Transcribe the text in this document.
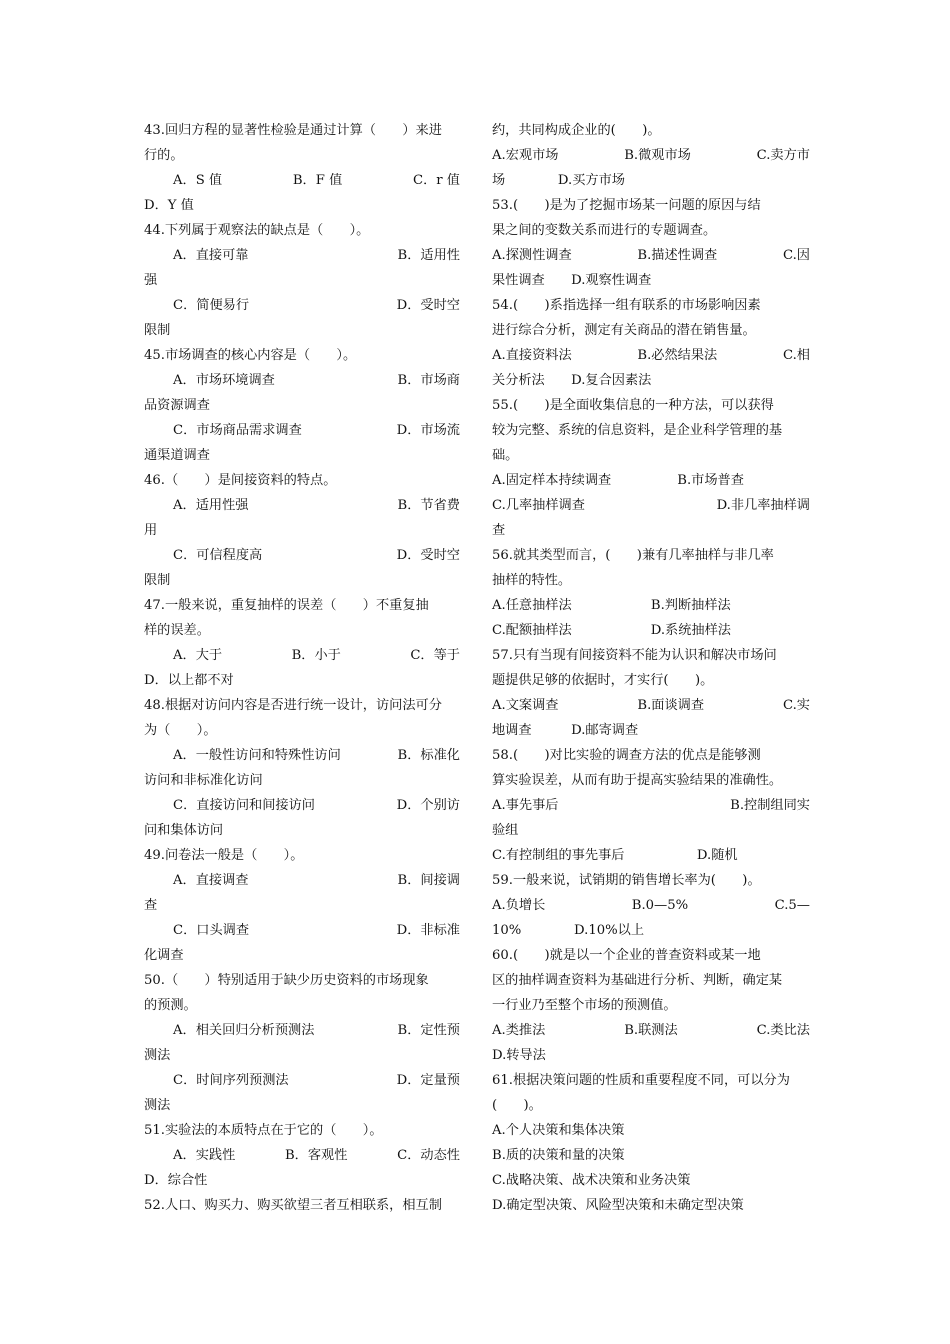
43.回归方程的显著性检验是通过计算（　　）来进
行的。
A．S 值	B．F 值	C．r 值
D．Y 值
44.下列属于观察法的缺点是（　　）。
A．直接可靠	B．适用性
强
C．简便易行	D．受时空
限制
45.市场调查的核心内容是（　　）。
A．市场环境调查	B．市场商
品资源调查
C．市场商品需求调查	D．市场流
通渠道调查
46.（　　）是间接资料的特点。
A．适用性强	B．节省费
用
C．可信程度高	D．受时空
限制
47.一般来说，重复抽样的误差（　　）不重复抽
样的误差。
A．大于	B．小于	C．等于
D．以上都不对
48.根据对访问内容是否进行统一设计，访问法可分
为（　　）。
A．一般性访问和特殊性访问	B．标准化
访问和非标准化访问
C．直接访问和间接访问	D．个别访
问和集体访问
49.问卷法一般是（　　）。
A．直接调查	B．间接调
查
C．口头调查	D．非标准
化调查
50.（　　）特别适用于缺少历史资料的市场现象
的预测。
A．相关回归分析预测法	B．定性预
测法
C．时间序列预测法	D．定量预
测法
51.实验法的本质特点在于它的（　　）。
A．实践性	B．客观性	C．动态性
D．综合性
52.人口、购买力、购买欲望三者互相联系，相互制
约，共同构成企业的(　　)。
A.宏观市场	B.微观市场	C.卖方市
场　　　　D.买方市场
53.(　　)是为了挖掘市场某一问题的原因与结
果之间的变数关系而进行的专题调查。
A.探测性调查	B.描述性调查	C.因
果性调查　　D.观察性调查
54.(　　)系指选择一组有联系的市场影响因素
进行综合分析，测定有关商品的潜在销售量。
A.直接资料法	B.必然结果法	C.相
关分析法　　D.复合因素法
55.(　　)是全面收集信息的一种方法，可以获得
较为完整、系统的信息资料，是企业科学管理的基
础。
A.固定样本持续调查	B.市场普查
C.几率抽样调查	D.非几率抽样调
查
56.就其类型而言，(　　)兼有几率抽样与非几率
抽样的特性。
A.任意抽样法	B.判断抽样法
C.配额抽样法	D.系统抽样法
57.只有当现有间接资料不能为认识和解决市场问
题提供足够的依据时，才实行(　　)。
A.文案调查	B.面谈调查	C.实
地调查　　　D.邮寄调查
58.(　　)对比实验的调查方法的优点是能够测
算实验误差，从而有助于提高实验结果的准确性。
A.事先事后	B.控制组同实
验组
C.有控制组的事先事后	D.随机
59.一般来说，试销期的销售增长率为(　　)。
A.负增长	B.0—5%	C.5—
10%　　　　D.10%以上
60.(　　)就是以一个企业的普查资料或某一地
区的抽样调查资料为基础进行分析、判断，确定某
一行业乃至整个市场的预测值。
A.类推法	B.联测法	C.类比法
D.转导法
61.根据决策问题的性质和重要程度不同，可以分为
(　　)。
A.个人决策和集体决策
B.质的决策和量的决策
C.战略决策、战术决策和业务决策
D.确定型决策、风险型决策和未确定型决策
